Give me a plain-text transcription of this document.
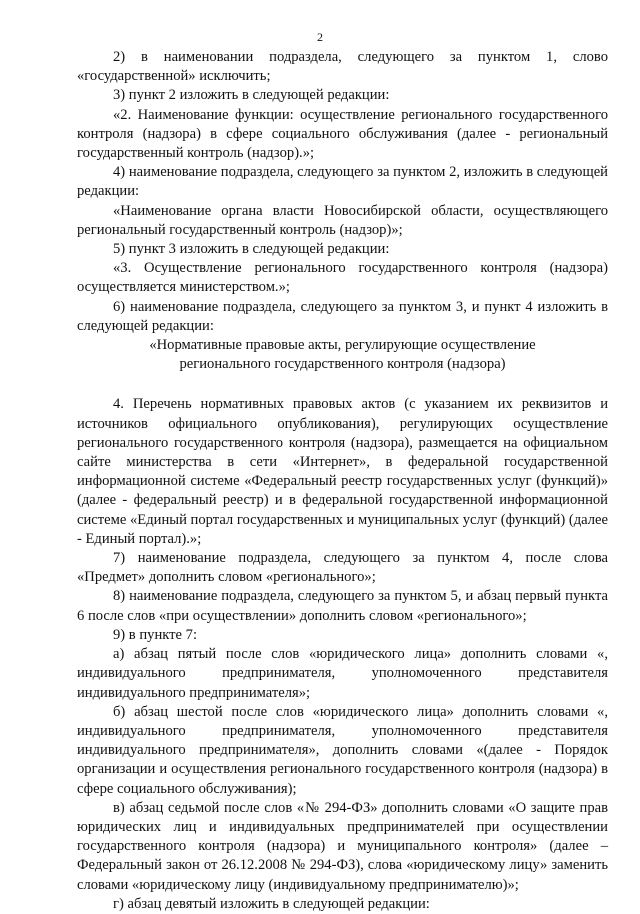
2

2) в наименовании подраздела, следующего за пунктом 1, слово «государственной» исключить;

3) пункт 2 изложить в следующей редакции:

«2. Наименование функции: осуществление регионального государственного контроля (надзора) в сфере социального обслуживания (далее - региональный государственный контроль (надзор).»;

4) наименование подраздела, следующего за пунктом 2, изложить в следующей редакции:

«Наименование органа власти Новосибирской области, осуществляющего региональный государственный контроль (надзор)»;

5) пункт 3 изложить в следующей редакции:

«3. Осуществление регионального государственного контроля (надзора) осуществляется министерством.»;

6) наименование подраздела, следующего за пунктом 3, и пункт 4 изложить в следующей редакции:

«Нормативные правовые акты, регулирующие осуществление регионального государственного контроля (надзора)

4. Перечень нормативных правовых актов (с указанием их реквизитов и источников официального опубликования), регулирующих осуществление регионального государственного контроля (надзора), размещается на официальном сайте министерства в сети «Интернет», в федеральной государственной информационной системе «Федеральный реестр государственных услуг (функций)» (далее - федеральный реестр) и в федеральной государственной информационной системе «Единый портал государственных и муниципальных услуг (функций) (далее - Единый портал).»;

7) наименование подраздела, следующего за пунктом 4, после слова «Предмет» дополнить словом «регионального»;

8) наименование подраздела, следующего за пунктом 5, и абзац первый пункта 6 после слов «при осуществлении» дополнить словом «регионального»;

9) в пункте 7:

а) абзац пятый после слов «юридического лица» дополнить словами «, индивидуального предпринимателя, уполномоченного представителя индивидуального предпринимателя»;

б) абзац шестой после слов «юридического лица» дополнить словами «, индивидуального предпринимателя, уполномоченного представителя индивидуального предпринимателя», дополнить словами «(далее - Порядок организации и осуществления регионального государственного контроля (надзора) в сфере социального обслуживания);

в) абзац седьмой после слов «№ 294-ФЗ» дополнить словами «О защите прав юридических лиц и индивидуальных предпринимателей при осуществлении государственного контроля (надзора) и муниципального контроля» (далее – Федеральный закон от 26.12.2008 № 294-ФЗ), слова «юридическому лицу» заменить словами «юридическому лицу (индивидуальному предпринимателю)»;

г) абзац девятый изложить в следующей редакции:
